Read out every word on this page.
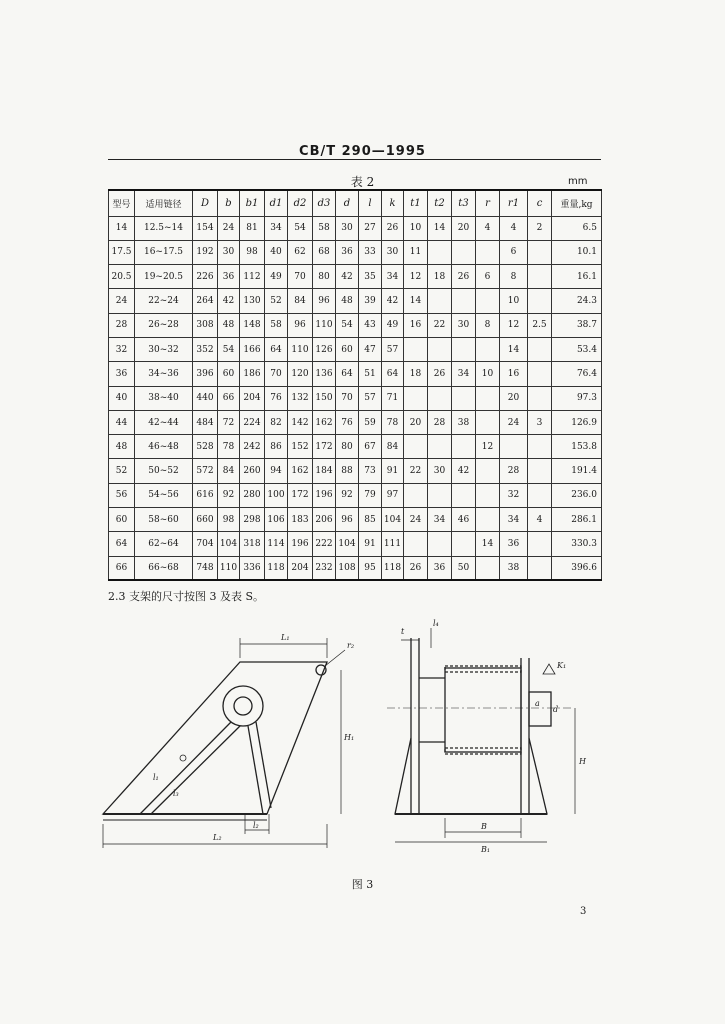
CB/T 290—1995
表 2	mm
型号	适用链径	D	b	b1	d1	d2	d3	d	l	k	t1	t2	t3	r	r1	c	重量,kg
14	12.5~14	154	24	81	34	54	58	30	27	26	10	14	20	4	4	2	6.5
17.5	16~17.5	192	30	98	40	62	68	36	33	30	11				6		10.1
20.5	19~20.5	226	36	112	49	70	80	42	35	34	12	18	26	6	8		16.1
24	22~24	264	42	130	52	84	96	48	39	42	14				10		24.3
28	26~28	308	48	148	58	96	110	54	43	49	16	22	30	8	12	2.5	38.7
32	30~32	352	54	166	64	110	126	60	47	57					14		53.4
36	34~36	396	60	186	70	120	136	64	51	64	18	26	34	10	16		76.4
40	38~40	440	66	204	76	132	150	70	57	71					20		97.3
44	42~44	484	72	224	82	142	162	76	59	78	20	28	38		24	3	126.9
48	46~48	528	78	242	86	152	172	80	67	84				12			153.8
52	50~52	572	84	260	94	162	184	88	73	91	22	30	42		28		191.4
56	54~56	616	92	280	100	172	196	92	79	97					32		236.0
60	58~60	660	98	298	106	183	206	96	85	104	24	34	46		34	4	286.1
64	62~64	704	104	318	114	196	222	104	91	111				14	36		330.3
66	66~68	748	110	336	118	204	232	108	95	118	26	36	50		38		396.6
2.3 支架的尺寸按图 3 及表 S。
L₁
L₂
H₁
r₂
l₂
l₁
l₃
t
l₄
K₁
d
H
B
B₁
a
图 3
3
